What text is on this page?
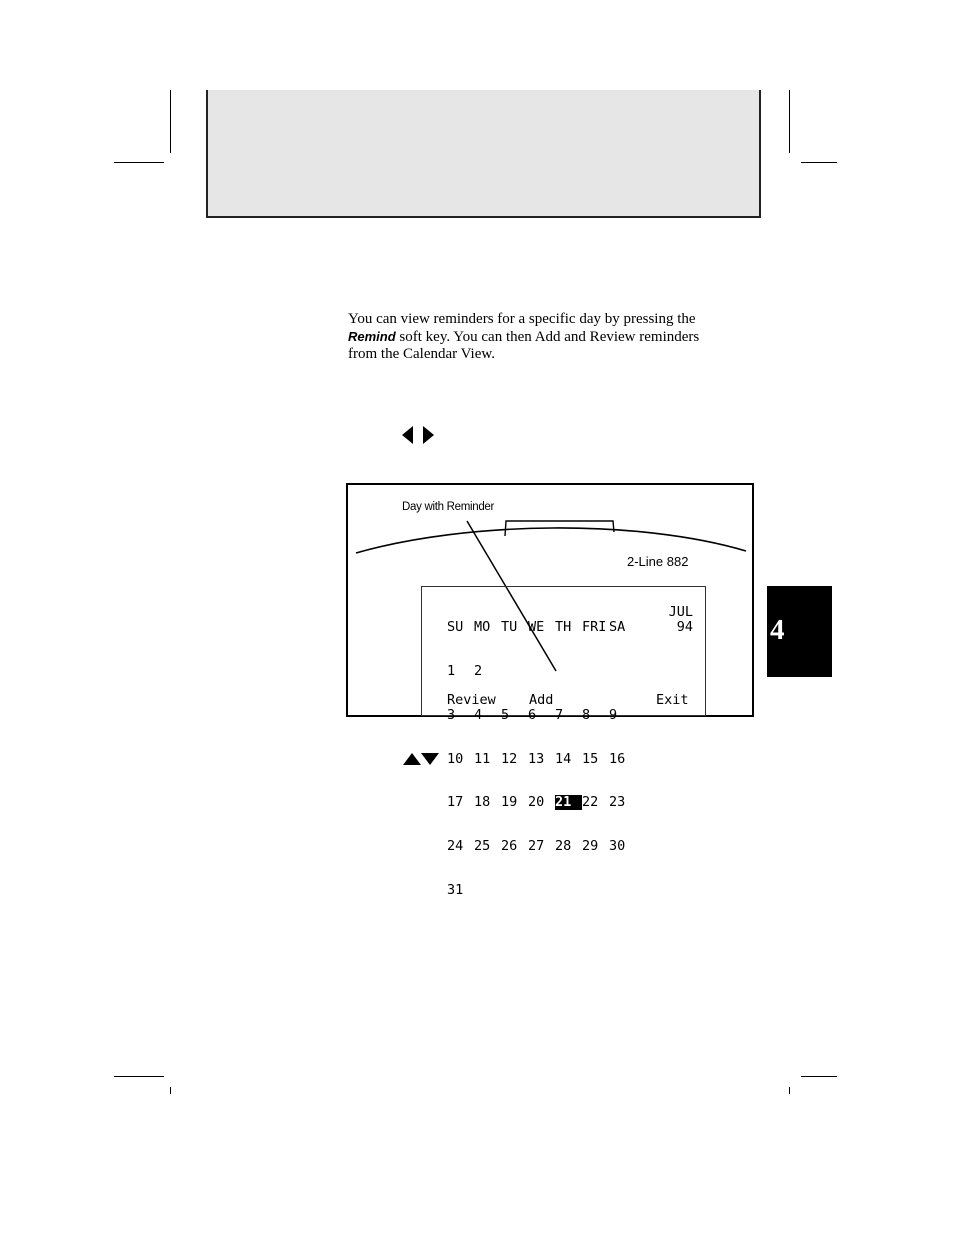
You can view reminders for a specific day by pressing the
Remind soft key. You can then Add and Review reminders
from the Calendar View.
Day with Reminder
2-Line 882

SU MO TU WE TH FRI SA

1 2

3 4 5 6 7 8 9

10 11 12 13 14 15 16

17 18 19 20 21 22 23

24 25 26 27 28 29 30

31

JUL
94
Review Add	Exit
4
